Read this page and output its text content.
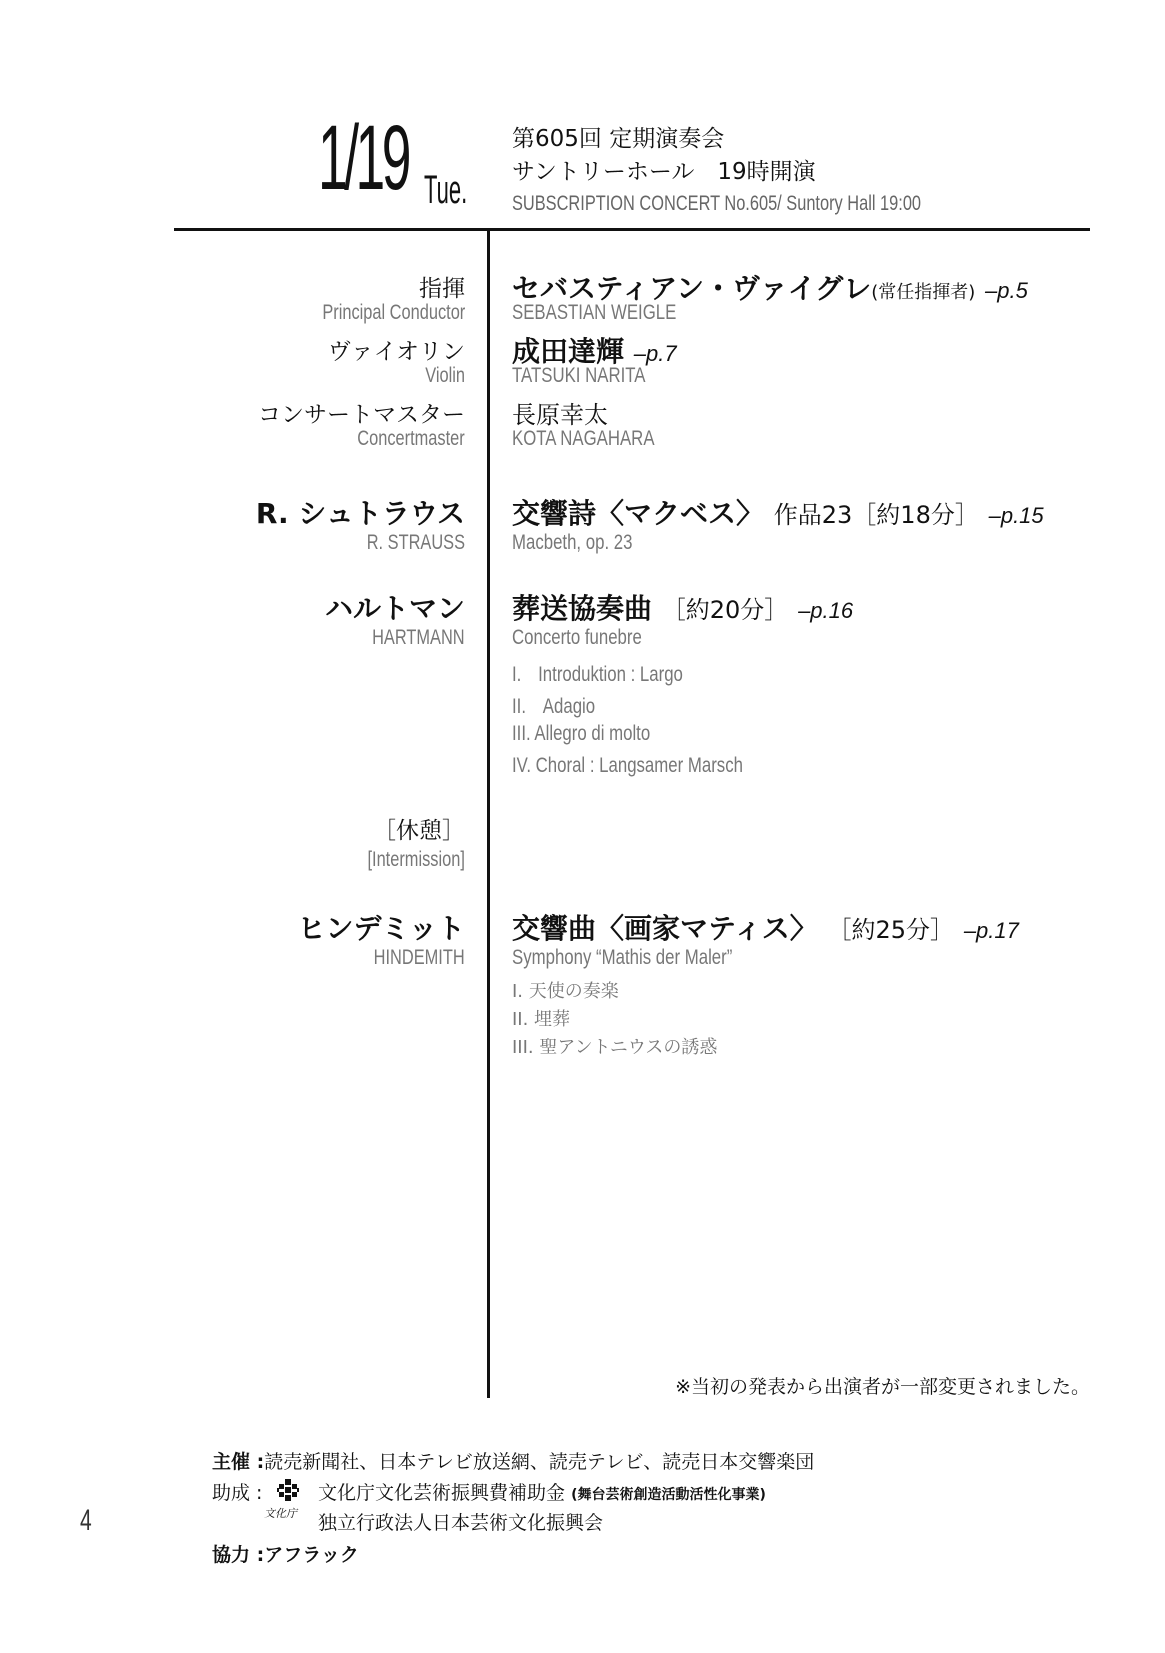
1/19 Tue.
第605回 定期演奏会
サントリーホール　19時開演
SUBSCRIPTION CONCERT No.605/ Suntory Hall 19:00
指揮
Principal Conductor
ヴァイオリン
Violin
コンサートマスター
Concertmaster
セバスティアン・ヴァイグレ(常任指揮者) –p.5
SEBASTIAN WEIGLE
成田達輝 –p.7
TATSUKI NARITA
長原幸太
KOTA NAGAHARA
R. シュトラウス
R. STRAUSS
交響詩〈マクベス〉 作品23［約18分］ –p.15
Macbeth, op. 23
ハルトマン
HARTMANN
葬送協奏曲 ［約20分］ –p.16
Concerto funebre
I.　Introduktion : Largo
II.　Adagio
III. Allegro di molto
IV. Choral : Langsamer Marsch
［休憩］
[Intermission]
ヒンデミット
HINDEMITH
交響曲〈画家マティス〉 ［約25分］ –p.17
Symphony “Mathis der Maler”
I. 天使の奏楽
II. 埋葬
III. 聖アントニウスの誘惑
※当初の発表から出演者が一部変更されました。
主催 :読売新聞社、日本テレビ放送網、読売テレビ、読売日本交響楽団
助成 :
文化庁
文化庁文化芸術振興費補助金 (舞台芸術創造活動活性化事業)
独立行政法人日本芸術文化振興会
協力 :アフラック
4
